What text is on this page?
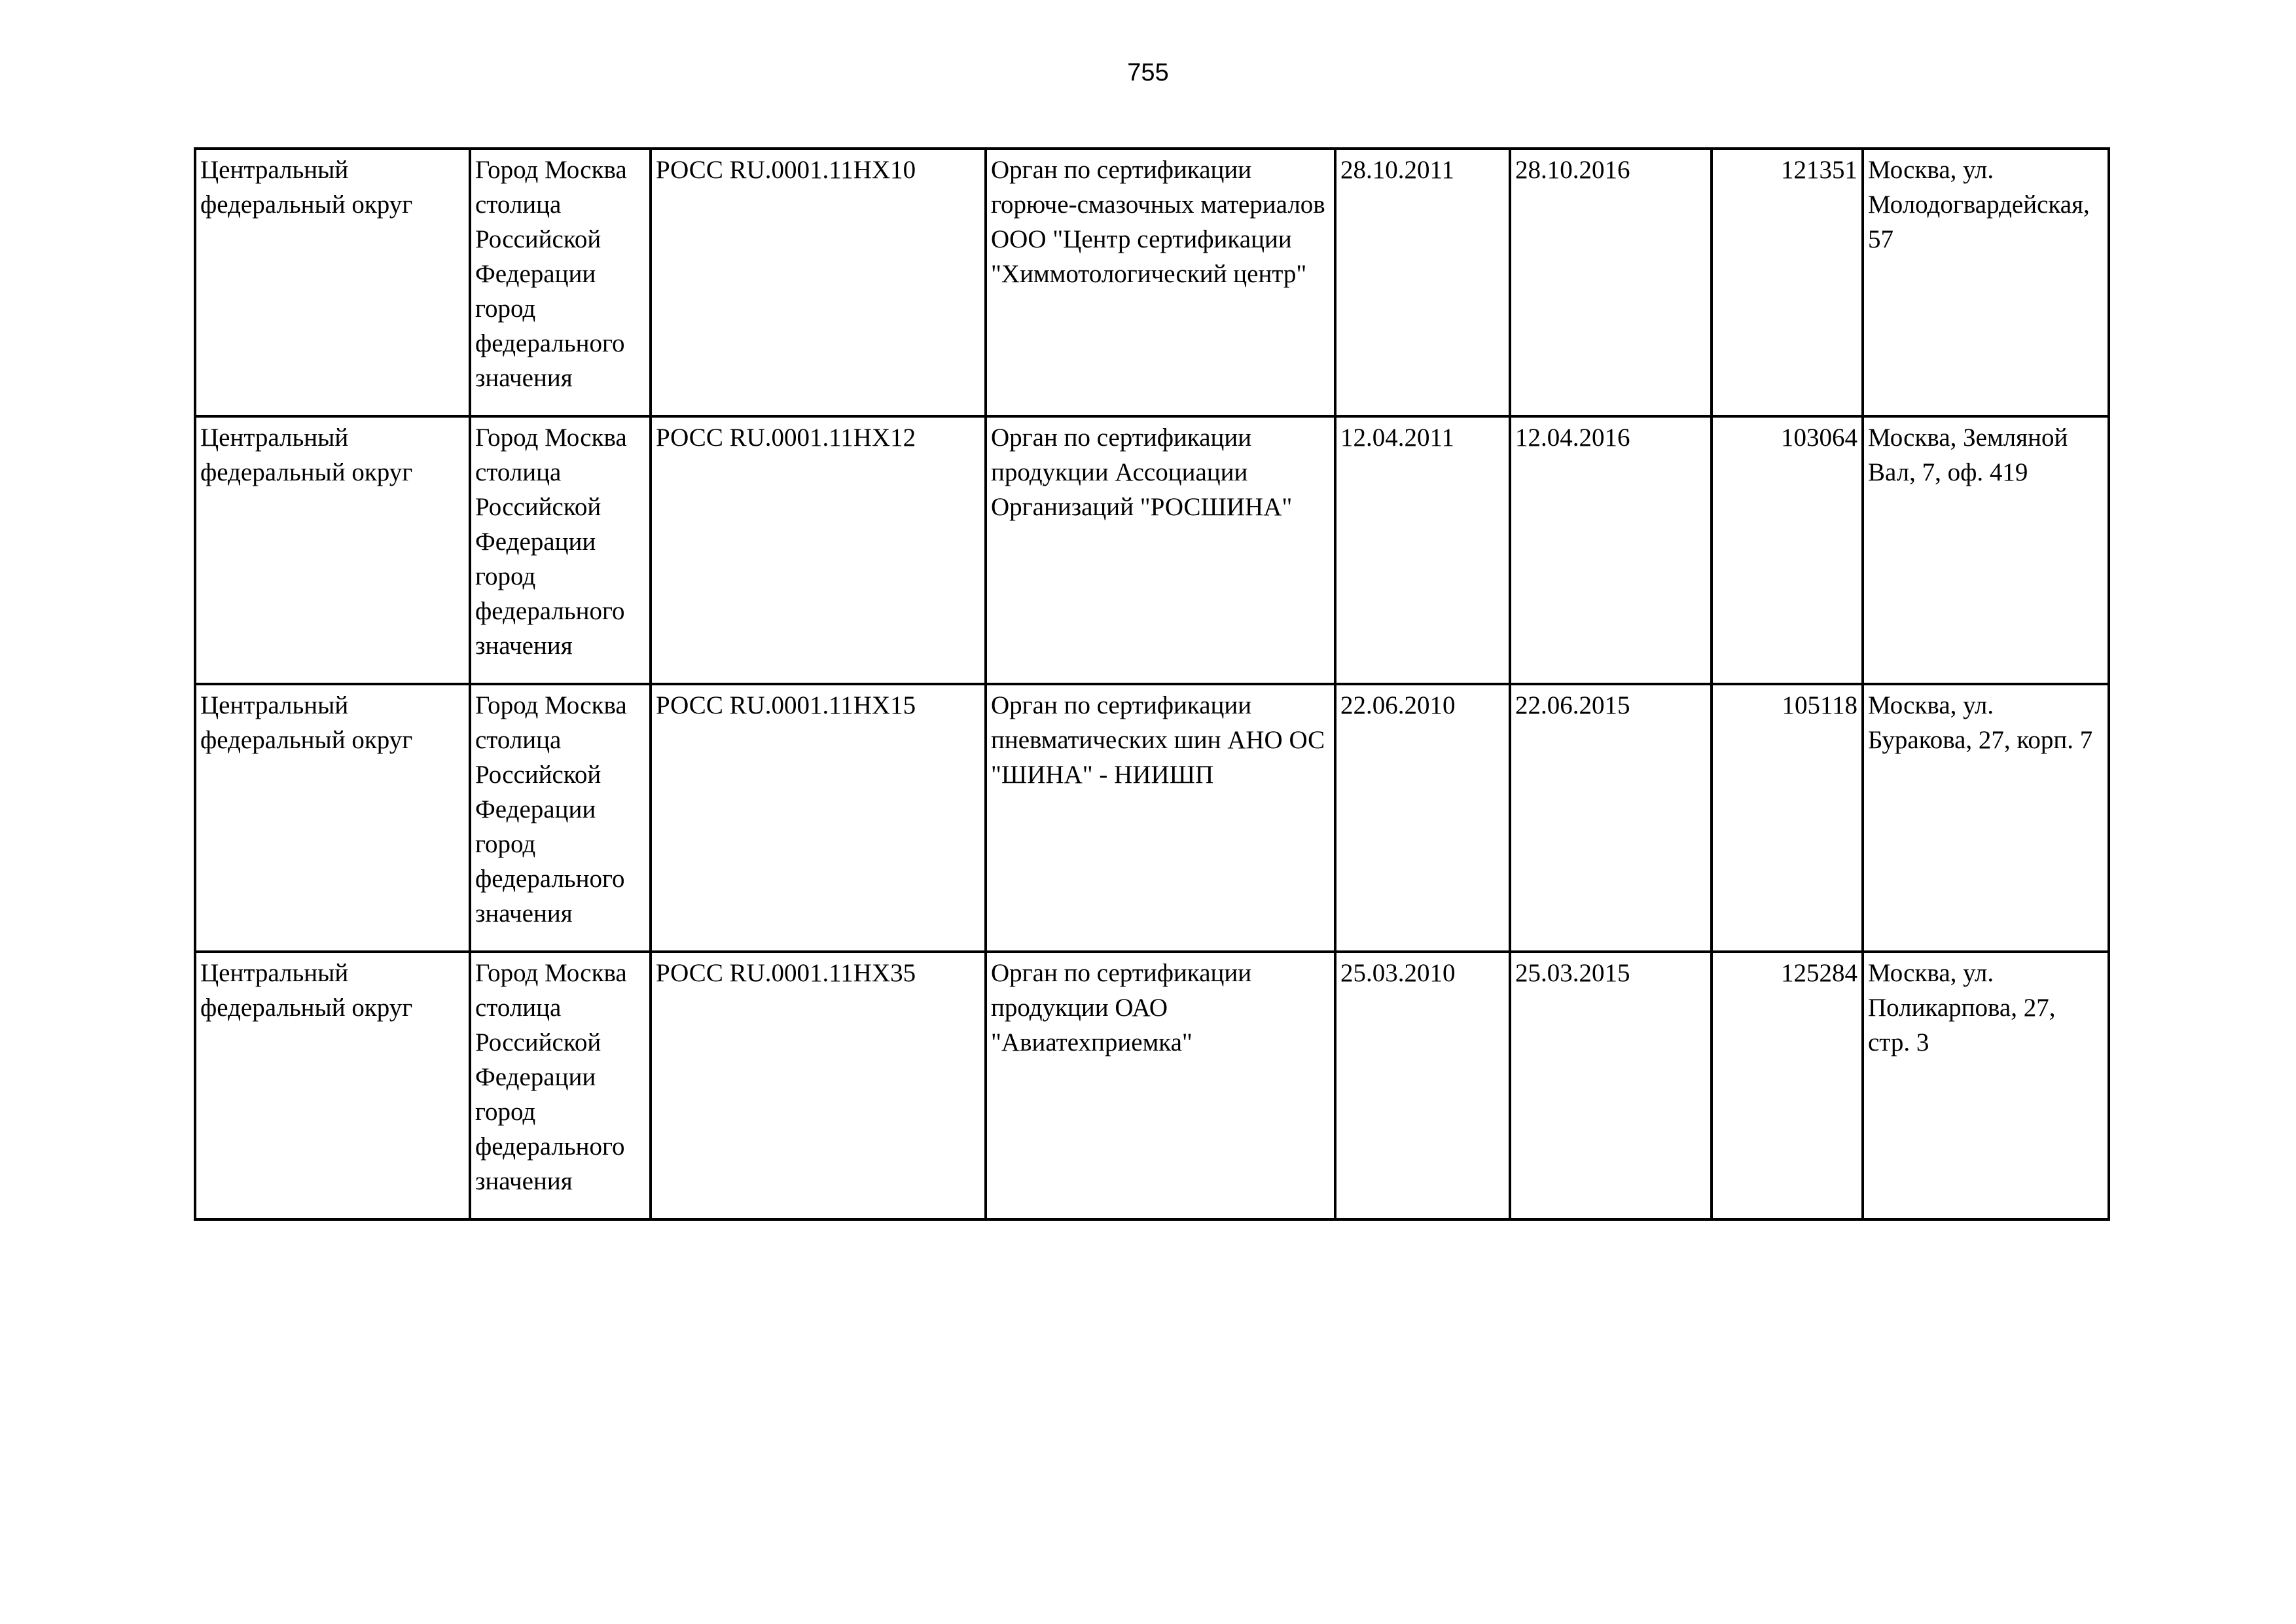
755
Центральный федеральный округ	Город Москва столица Российской Федерации город федерального значения	РОСС RU.0001.11НХ10	Орган по сертификации горюче-смазочных материалов ООО "Центр сертификации "Химмотологический центр"	28.10.2011	28.10.2016	121351	Москва, ул. Молодогвардейская, 57

Центральный федеральный округ	Город Москва столица Российской Федерации город федерального значения	РОСС RU.0001.11НХ12	Орган по сертификации продукции Ассоциации Организаций "РОСШИНА"	12.04.2011	12.04.2016	103064	Москва, Земляной Вал, 7, оф. 419

Центральный федеральный округ	Город Москва столица Российской Федерации город федерального значения	РОСС RU.0001.11НХ15	Орган по сертификации пневматических шин АНО ОС "ШИНА" - НИИШП	22.06.2010	22.06.2015	105118	Москва, ул. Буракова, 27, корп. 7

Центральный федеральный округ	Город Москва столица Российской Федерации город федерального значения	РОСС RU.0001.11НХ35	Орган по сертификации продукции ОАО "Авиатехприемка"	25.03.2010	25.03.2015	125284	Москва, ул. Поликарпова, 27, стр. 3
